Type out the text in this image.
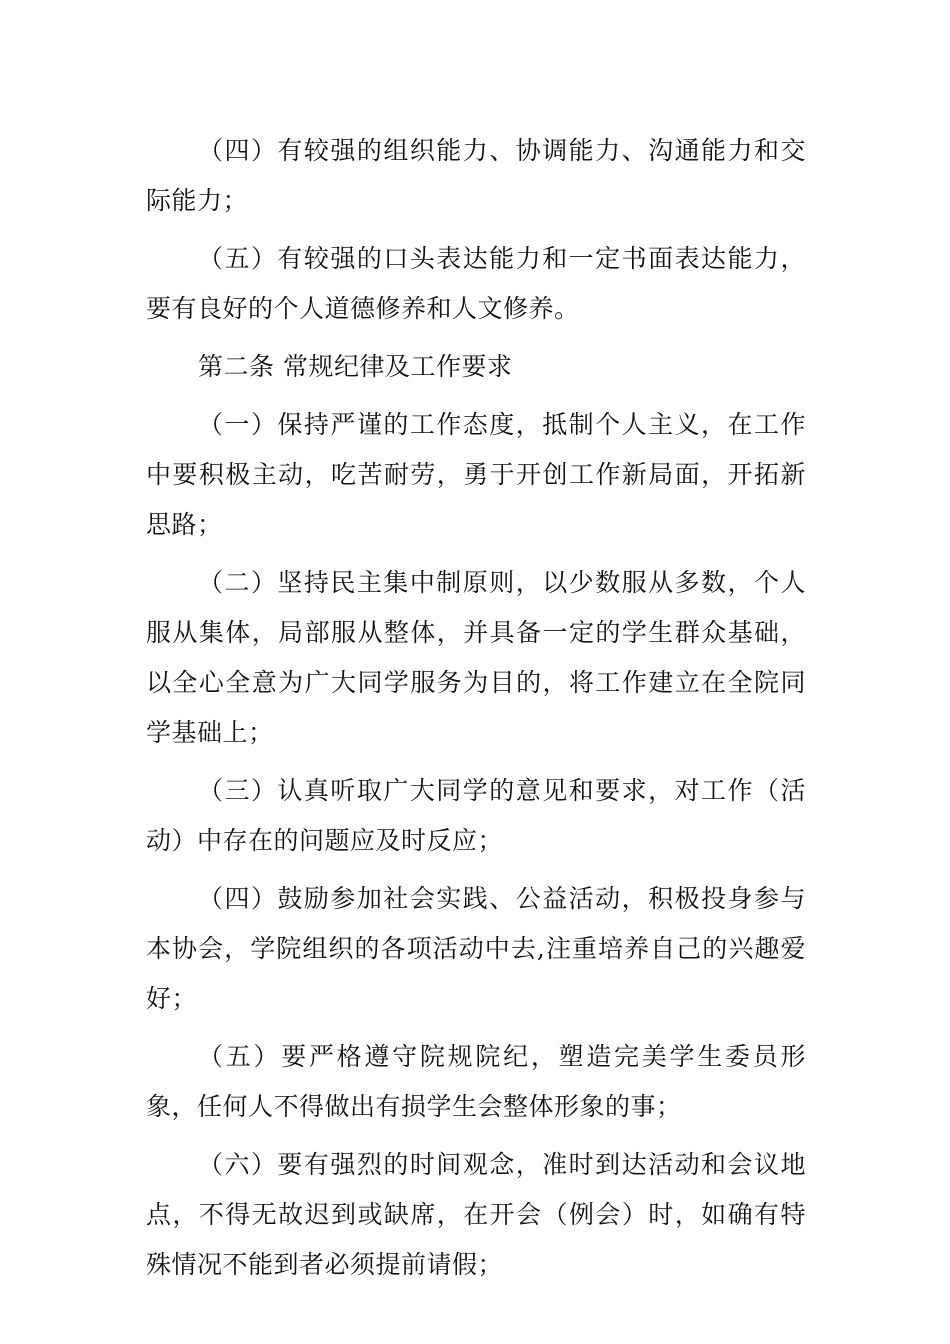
（四）有较强的组织能力、协调能力、沟通能力和交际能力；

（五）有较强的口头表达能力和一定书面表达能力，要有良好的个人道德修养和人文修养。

第二条 常规纪律及工作要求

（一）保持严谨的工作态度，抵制个人主义，在工作中要积极主动，吃苦耐劳，勇于开创工作新局面，开拓新思路；

（二）坚持民主集中制原则，以少数服从多数，个人服从集体，局部服从整体，并具备一定的学生群众基础，以全心全意为广大同学服务为目的，将工作建立在全院同学基础上；

（三）认真听取广大同学的意见和要求，对工作（活动）中存在的问题应及时反应；

（四）鼓励参加社会实践、公益活动，积极投身参与本协会，学院组织的各项活动中去,注重培养自己的兴趣爱好；

（五）要严格遵守院规院纪，塑造完美学生委员形象，任何人不得做出有损学生会整体形象的事；

（六）要有强烈的时间观念，准时到达活动和会议地点，不得无故迟到或缺席，在开会（例会）时，如确有特殊情况不能到者必须提前请假；
